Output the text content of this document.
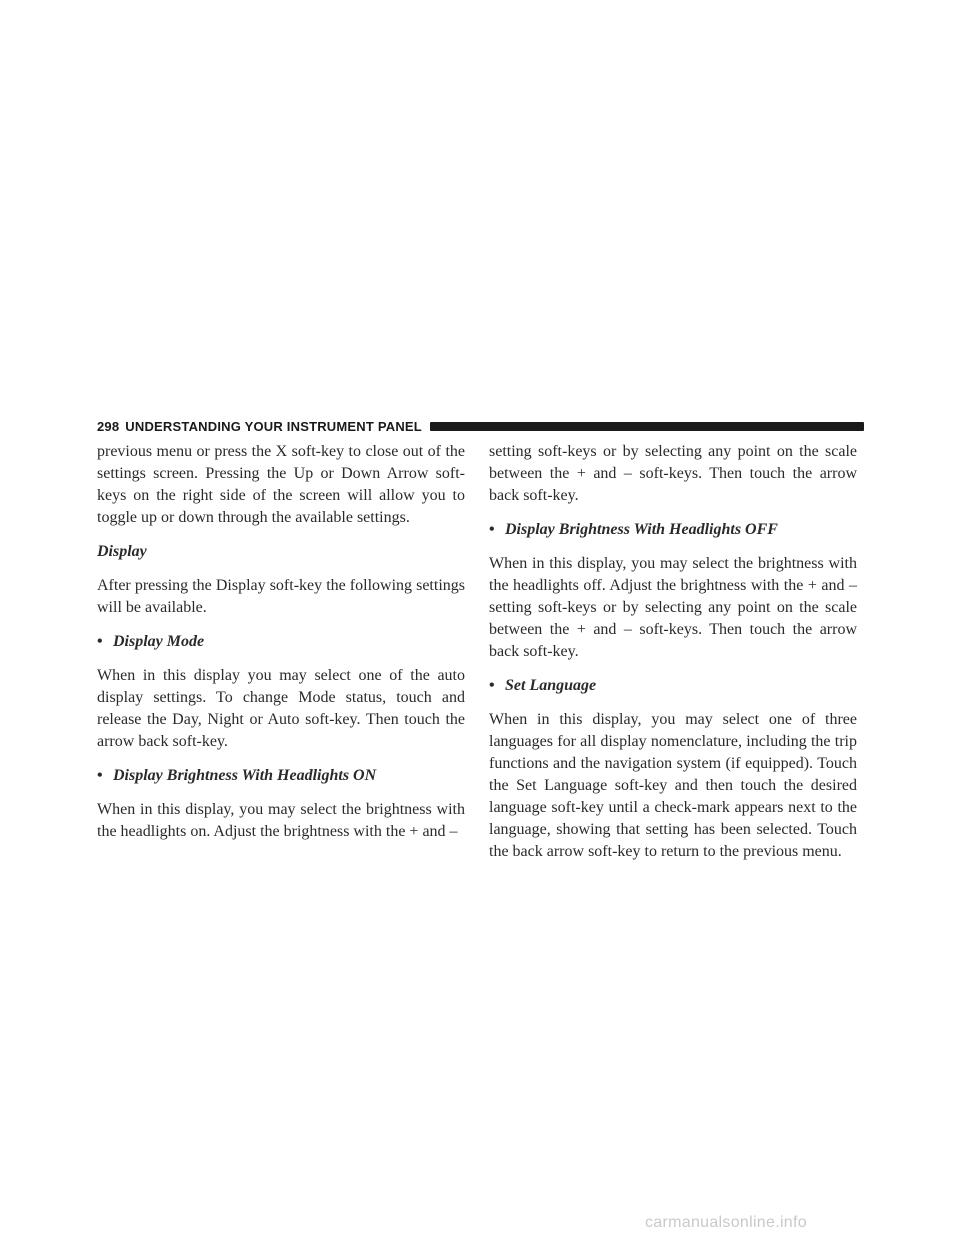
298 UNDERSTANDING YOUR INSTRUMENT PANEL

previous menu or press the X soft-key to close out of the settings screen. Pressing the Up or Down Arrow soft-keys on the right side of the screen will allow you to toggle up or down through the available settings.

Display

After pressing the Display soft-key the following settings will be available.

• Display Mode

When in this display you may select one of the auto display settings. To change Mode status, touch and release the Day, Night or Auto soft-key. Then touch the arrow back soft-key.

• Display Brightness With Headlights ON

When in this display, you may select the brightness with the headlights on. Adjust the brightness with the + and –

setting soft-keys or by selecting any point on the scale between the + and – soft-keys. Then touch the arrow back soft-key.

• Display Brightness With Headlights OFF

When in this display, you may select the brightness with the headlights off. Adjust the brightness with the + and – setting soft-keys or by selecting any point on the scale between the + and – soft-keys. Then touch the arrow back soft-key.

• Set Language

When in this display, you may select one of three languages for all display nomenclature, including the trip functions and the navigation system (if equipped). Touch the Set Language soft-key and then touch the desired language soft-key until a check-mark appears next to the language, showing that setting has been selected. Touch the back arrow soft-key to return to the previous menu.

carmanualsonline.info
